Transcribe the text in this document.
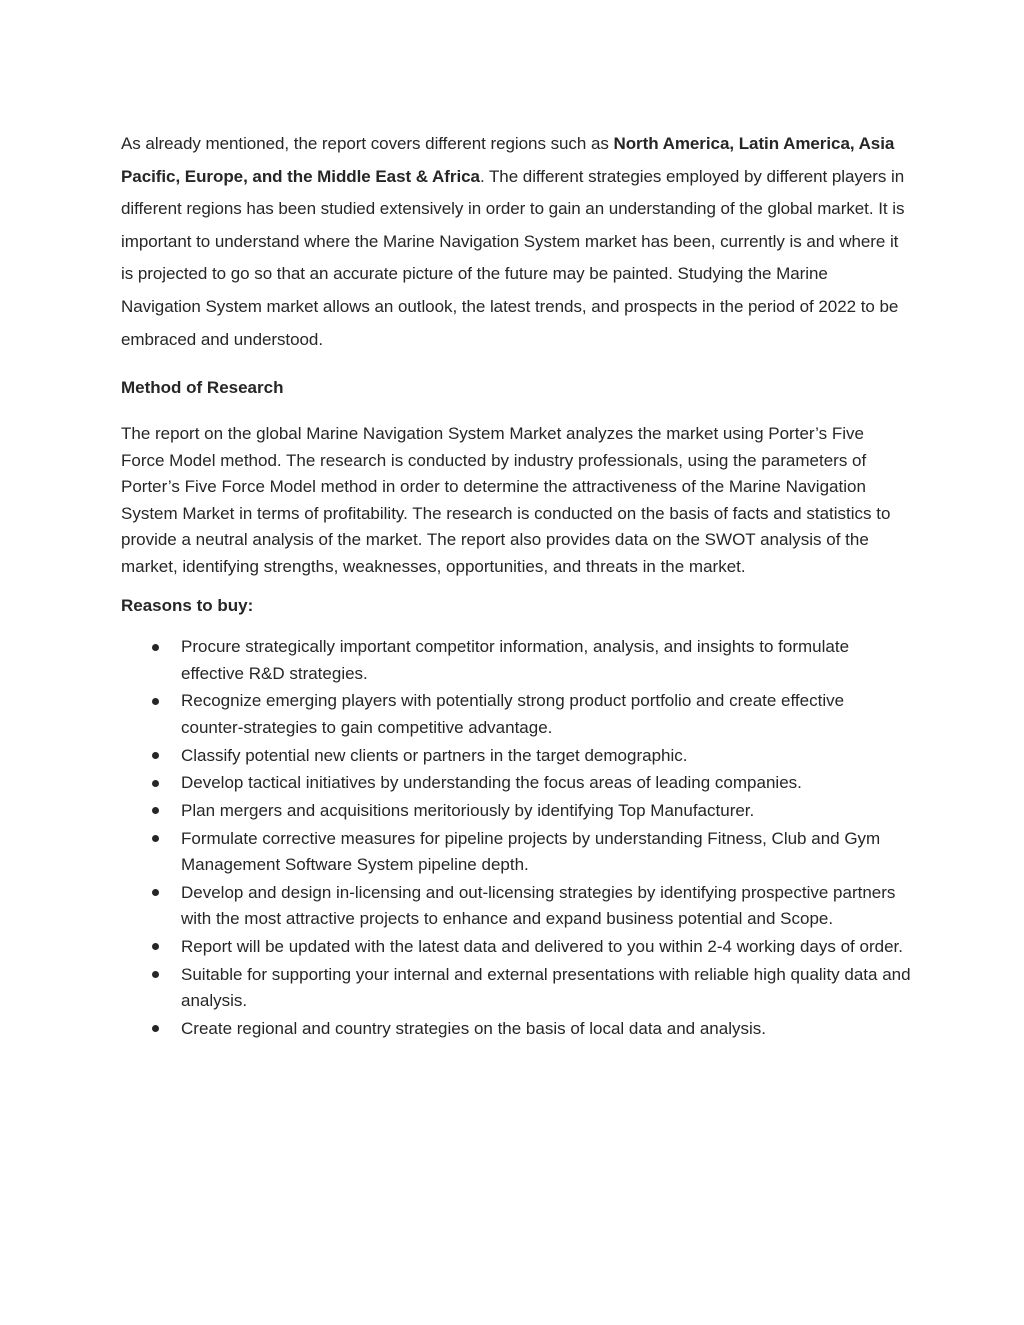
As already mentioned, the report covers different regions such as North America, Latin America, Asia Pacific, Europe, and the Middle East & Africa. The different strategies employed by different players in different regions has been studied extensively in order to gain an understanding of the global market. It is important to understand where the Marine Navigation System market has been, currently is and where it is projected to go so that an accurate picture of the future may be painted. Studying the Marine Navigation System market allows an outlook, the latest trends, and prospects in the period of 2022 to be embraced and understood.

Method of Research

The report on the global Marine Navigation System Market analyzes the market using Porter’s Five Force Model method. The research is conducted by industry professionals, using the parameters of Porter’s Five Force Model method in order to determine the attractiveness of the Marine Navigation System Market in terms of profitability. The research is conducted on the basis of facts and statistics to provide a neutral analysis of the market. The report also provides data on the SWOT analysis of the market, identifying strengths, weaknesses, opportunities, and threats in the market.

Reasons to buy:

Procure strategically important competitor information, analysis, and insights to formulate effective R&D strategies.
Recognize emerging players with potentially strong product portfolio and create effective counter-strategies to gain competitive advantage.
Classify potential new clients or partners in the target demographic.
Develop tactical initiatives by understanding the focus areas of leading companies.
Plan mergers and acquisitions meritoriously by identifying Top Manufacturer.
Formulate corrective measures for pipeline projects by understanding Fitness, Club and Gym Management Software System pipeline depth.
Develop and design in-licensing and out-licensing strategies by identifying prospective partners with the most attractive projects to enhance and expand business potential and Scope.
Report will be updated with the latest data and delivered to you within 2-4 working days of order.
Suitable for supporting your internal and external presentations with reliable high quality data and analysis.
Create regional and country strategies on the basis of local data and analysis.
